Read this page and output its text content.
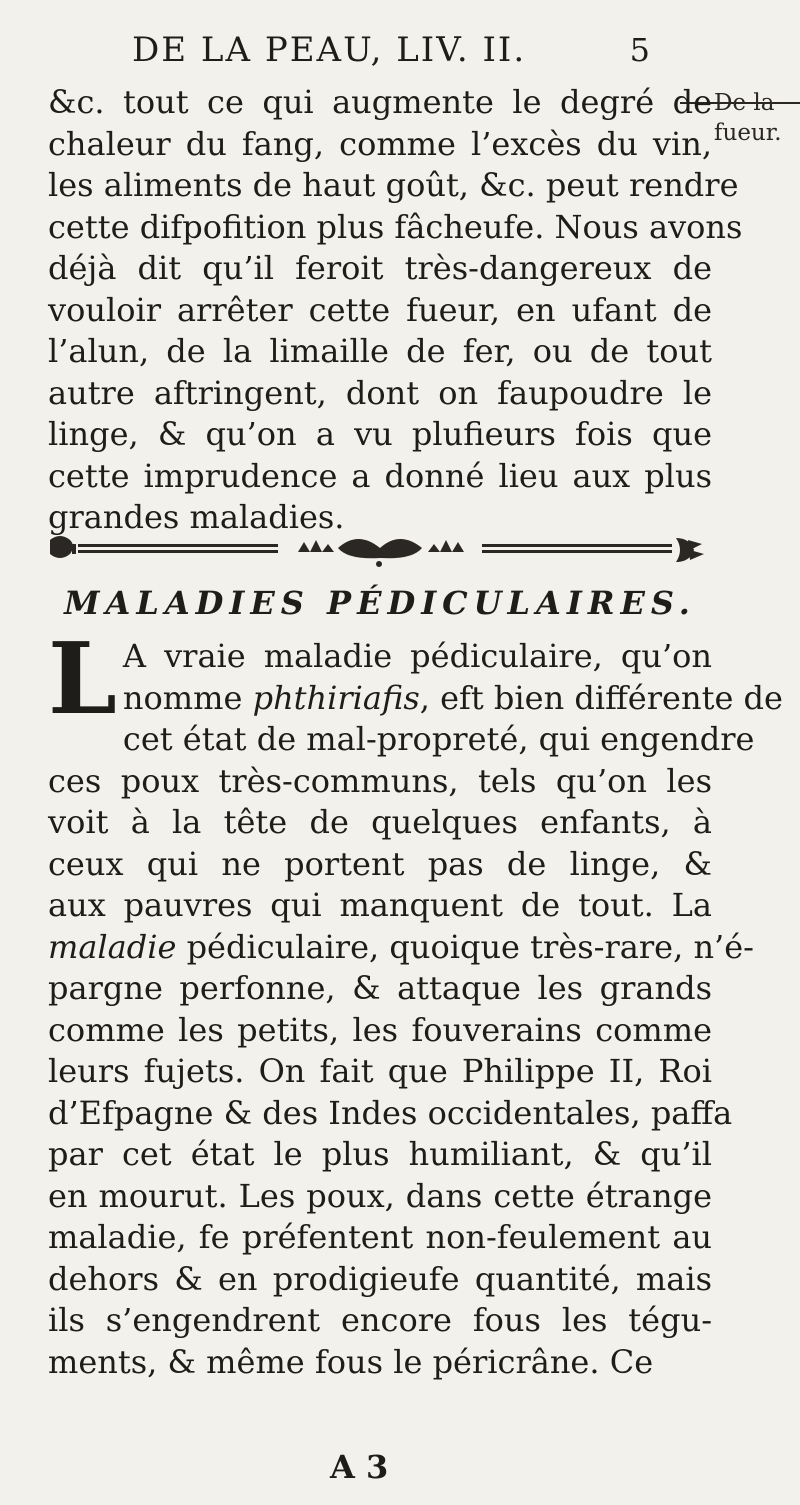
DE LA PEAU, LIV. II.	5
De la
fueur.
&c. tout ce qui augmente le degré de
chaleur du fang, comme l’excès du vin,
les aliments de haut goût, &c. peut rendre
cette difpofition plus fâcheufe. Nous avons
déjà dit qu’il feroit très-dangereux de
vouloir arrêter cette fueur, en ufant de
l’alun, de la limaille de fer, ou de tout
autre aftringent, dont on faupoudre le
linge, & qu’on a vu plufieurs fois que
cette imprudence a donné lieu aux plus
grandes maladies.
MALADIES PÉDICULAIRES.
L A vraie maladie pédiculaire, qu’on
nomme phthiriafis, eft bien différente de
cet état de mal-propreté, qui engendre
ces poux très-communs, tels qu’on les
voit à la tête de quelques enfants, à
ceux qui ne portent pas de linge, &
aux pauvres qui manquent de tout. La
maladie pédiculaire, quoique très-rare, n’é-
pargne perfonne, & attaque les grands
comme les petits, les fouverains comme
leurs fujets. On fait que Philippe II, Roi
d’Efpagne & des Indes occidentales, paffa
par cet état le plus humiliant, & qu’il
en mourut. Les poux, dans cette étrange
maladie, fe préfentent non-feulement au
dehors & en prodigieufe quantité, mais
ils s’engendrent encore fous les tégu-
ments, & même fous le péricrâne. Ce
A 3
